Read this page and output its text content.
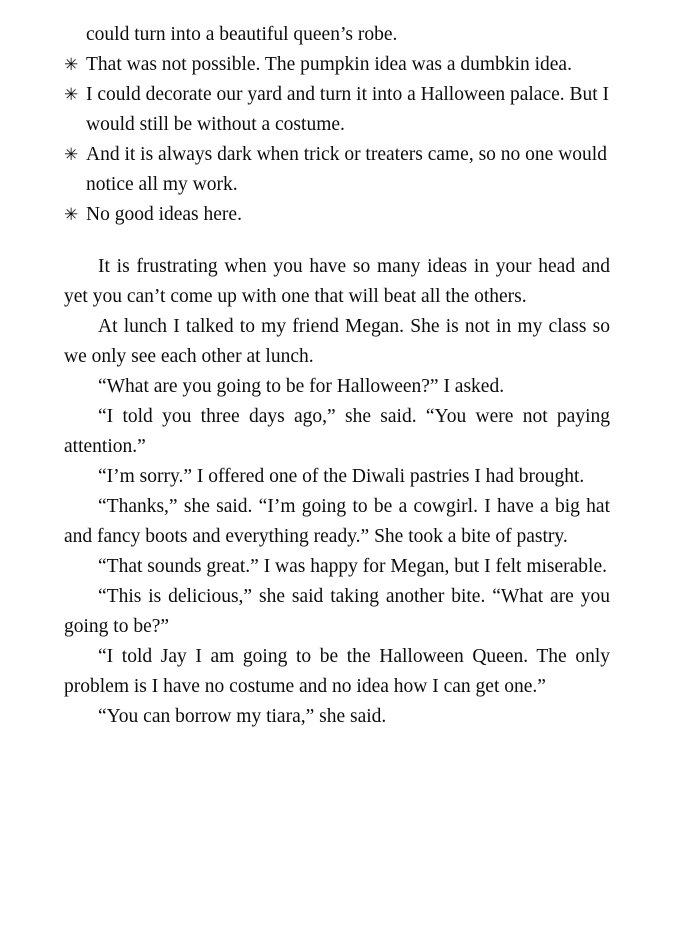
could turn into a beautiful queen’s robe.

✳ That was not possible. The pumpkin idea was a dumbkin idea.
✳ I could decorate our yard and turn it into a Halloween palace. But I would still be without a costume.
✳ And it is always dark when trick or treaters came, so no one would notice all my work.
✳ No good ideas here.

It is frustrating when you have so many ideas in your head and yet you can’t come up with one that will beat all the others.

At lunch I talked to my friend Megan. She is not in my class so we only see each other at lunch.

“What are you going to be for Halloween?” I asked.

“I told you three days ago,” she said. “You were not paying attention.”

“I’m sorry.” I offered one of the Diwali pastries I had brought.

“Thanks,” she said. “I’m going to be a cowgirl. I have a big hat and fancy boots and everything ready.” She took a bite of pastry.

“That sounds great.” I was happy for Megan, but I felt miserable.

“This is delicious,” she said taking another bite. “What are you going to be?”

“I told Jay I am going to be the Halloween Queen. The only problem is I have no costume and no idea how I can get one.”

“You can borrow my tiara,” she said.
